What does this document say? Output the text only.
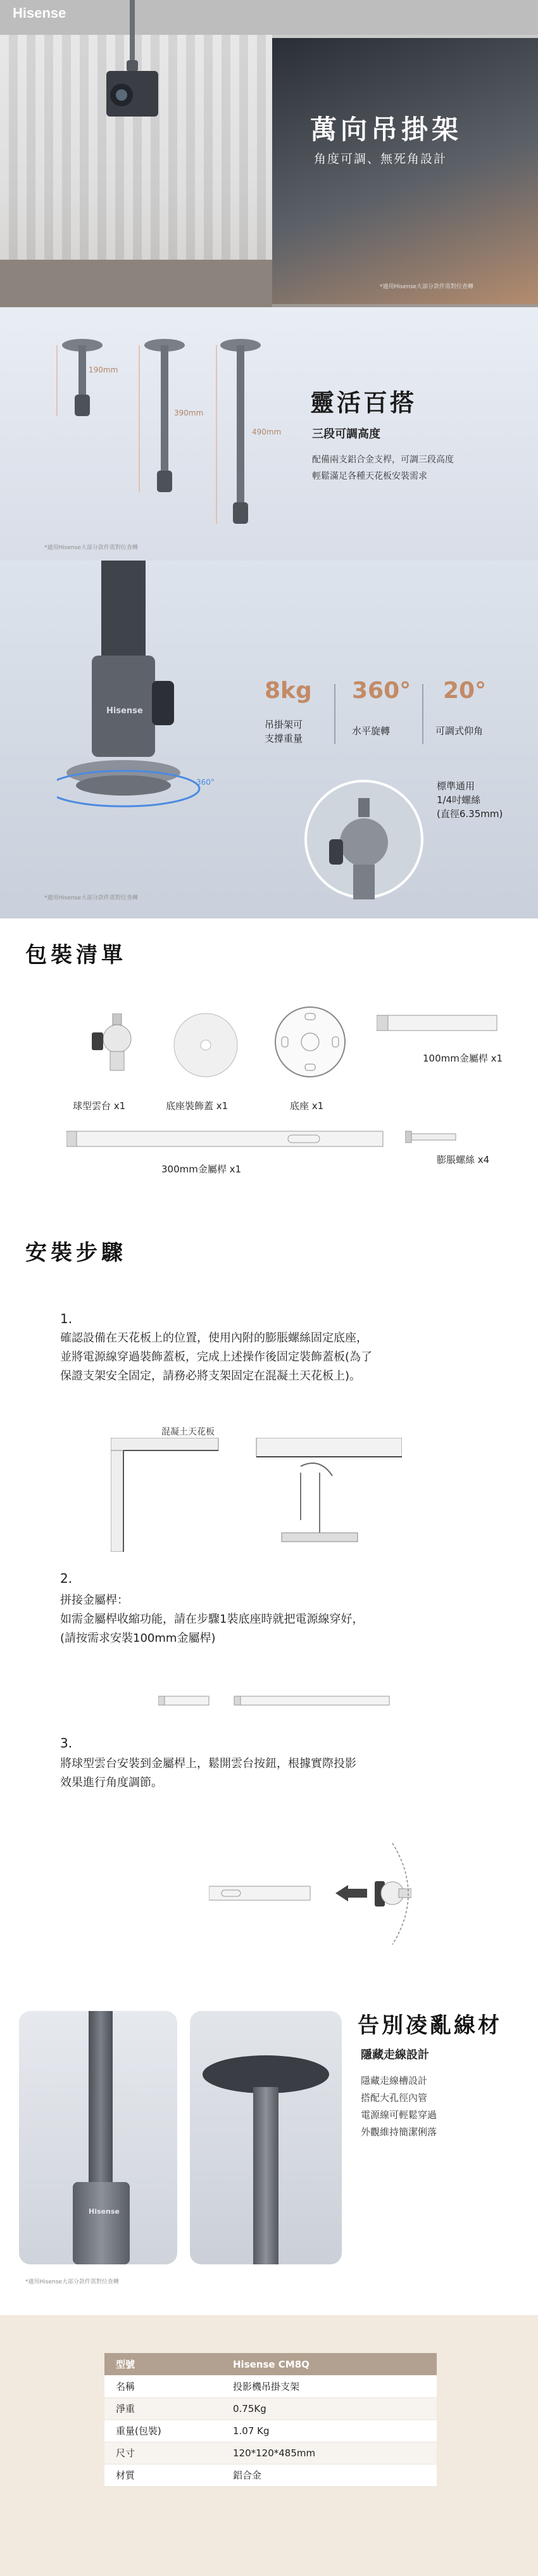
Hisense
萬向吊掛架
角度可調、無死角設計
*適用Hisense大部分款件需對位查轉
190mm
390mm
490mm
靈活百搭
三段可調高度
配備兩支鋁合金支桿，可調三段高度
輕鬆滿足各種天花板安裝需求
*適用Hisense大部分款件需對位查轉
Hisense
360°
8kg
吊掛架可
支撐重量
360°
水平旋轉
20°
可調式仰角
標準通用
1/4吋螺絲
(直徑6.35mm)
*適用Hisense大部分款件需對位查轉
包裝清單
球型雲台 x1	底座裝飾蓋 x1	底座 x1
100mm金屬桿 x1
300mm金屬桿 x1
膨脹螺絲 x4
安裝步驟
1.
確認設備在天花板上的位置，使用內附的膨脹螺絲固定底座，
並將電源線穿過裝飾蓋板，完成上述操作後固定裝飾蓋板(為了
保證支架安全固定，請務必將支架固定在混凝土天花板上)。
混凝土天花板
2.
拼接金屬桿：
如需金屬桿收縮功能，請在步驟1裝底座時就把電源線穿好，
(請按需求安裝100mm金屬桿)
3.
將球型雲台安裝到金屬桿上，鬆開雲台按鈕，根據實際投影
效果進行角度調節。
Hisense
告別凌亂線材
隱藏走線設計
隱藏走線槽設計
搭配大孔徑內管
電源線可輕鬆穿過
外觀維持簡潔俐落
*適用Hisense大部分款件需對位查轉
型號	Hisense CM8Q
名稱	投影機吊掛支架
淨重	0.75Kg
重量(包裝)	1.07 Kg
尺寸	120*120*485mm
材質	鋁合金
